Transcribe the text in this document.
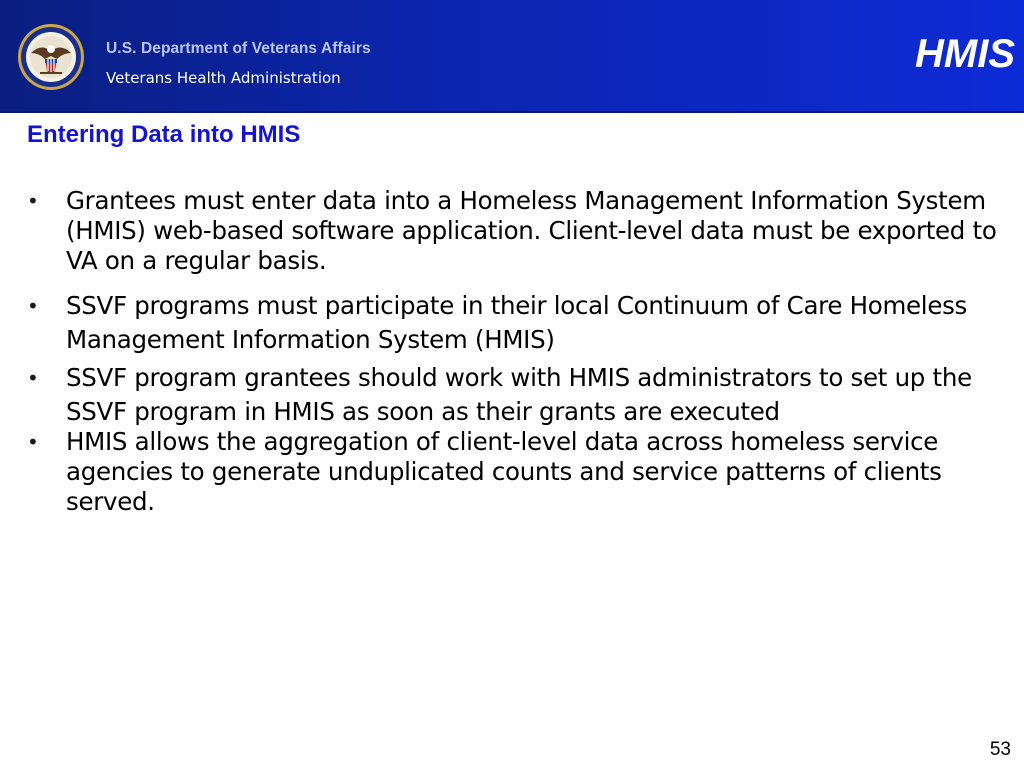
U.S. Department of Veterans Affairs
Veterans Health Administration
HMIS
Entering Data into HMIS
• Grantees must enter data into a Homeless Management Information System (HMIS) web-based software application. Client-level data must be exported to VA on a regular basis.
• SSVF programs must participate in their local Continuum of Care Homeless Management Information System (HMIS)
• SSVF program grantees should work with HMIS administrators to set up the SSVF program in HMIS as soon as their grants are executed
• HMIS allows the aggregation of client-level data across homeless service agencies to generate unduplicated counts and service patterns of clients served.
53
